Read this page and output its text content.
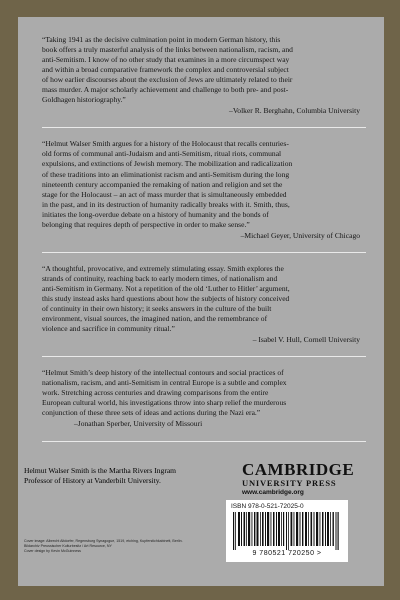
“Taking 1941 as the decisive culmination point in modern German history, this
book offers a truly masterful analysis of the links between nationalism, racism, and
anti-Semitism. I know of no other study that examines in a more circumspect way
and within a broad comparative framework the complex and controversial subject
of how earlier discourses about the exclusion of Jews are ultimately related to their
mass murder. A major scholarly achievement and challenge to both pre- and post-
Goldhagen historiography.”

–Volker R. Berghahn, Columbia University

“Helmut Walser Smith argues for a history of the Holocaust that recalls centuries-
old forms of communal anti-Judaism and anti-Semitism, ritual riots, communal
expulsions, and extinctions of Jewish memory. The mobilization and radicalization
of these traditions into an eliminationist racism and anti-Semitism during the long
nineteenth century accompanied the remaking of nation and religion and set the
stage for the Holocaust – an act of mass murder that is simultaneously embedded
in the past, and in its destruction of humanity radically breaks with it. Smith, thus,
initiates the long-overdue debate on a history of humanity and the bonds of
belonging that requires depth of perspective in order to make sense.”

–Michael Geyer, University of Chicago

“A thoughtful, provocative, and extremely stimulating essay. Smith explores the
strands of continuity, reaching back to early modern times, of nationalism and
anti-Semitism in Germany. Not a repetition of the old ‘Luther to Hitler’ argument,
this study instead asks hard questions about how the subjects of history conceived
of continuity in their own history; it seeks answers in the culture of the built
environment, visual sources, the imagined nation, and the remembrance of
violence and sacrifice in community ritual.”

– Isabel V. Hull, Cornell University

“Helmut Smith’s deep history of the intellectual contours and social practices of
nationalism, racism, and anti-Semitism in central Europe is a subtle and complex
work. Stretching across centuries and drawing comparisons from the entire
European cultural world, his investigations throw into sharp relief the murderous
conjunction of these three sets of ideas and actions during the Nazi era.”

–Jonathan Sperber, University of Missouri

Helmut Walser Smith is the Martha Rivers Ingram
Professor of History at Vanderbilt University.

CAMBRIDGE
UNIVERSITY PRESS
www.cambridge.org
ISBN 978-0-521-72025-0
9 780521 720250 >

Cover image: Albrecht Altdorfer, Regensburg Synagogue, 1519, etching, Kupferstichkabinett, Berlin.
Bildarchiv Preussischer Kulturbesitz / Art Resource, NY
Cover design by Kevin McGuinness
